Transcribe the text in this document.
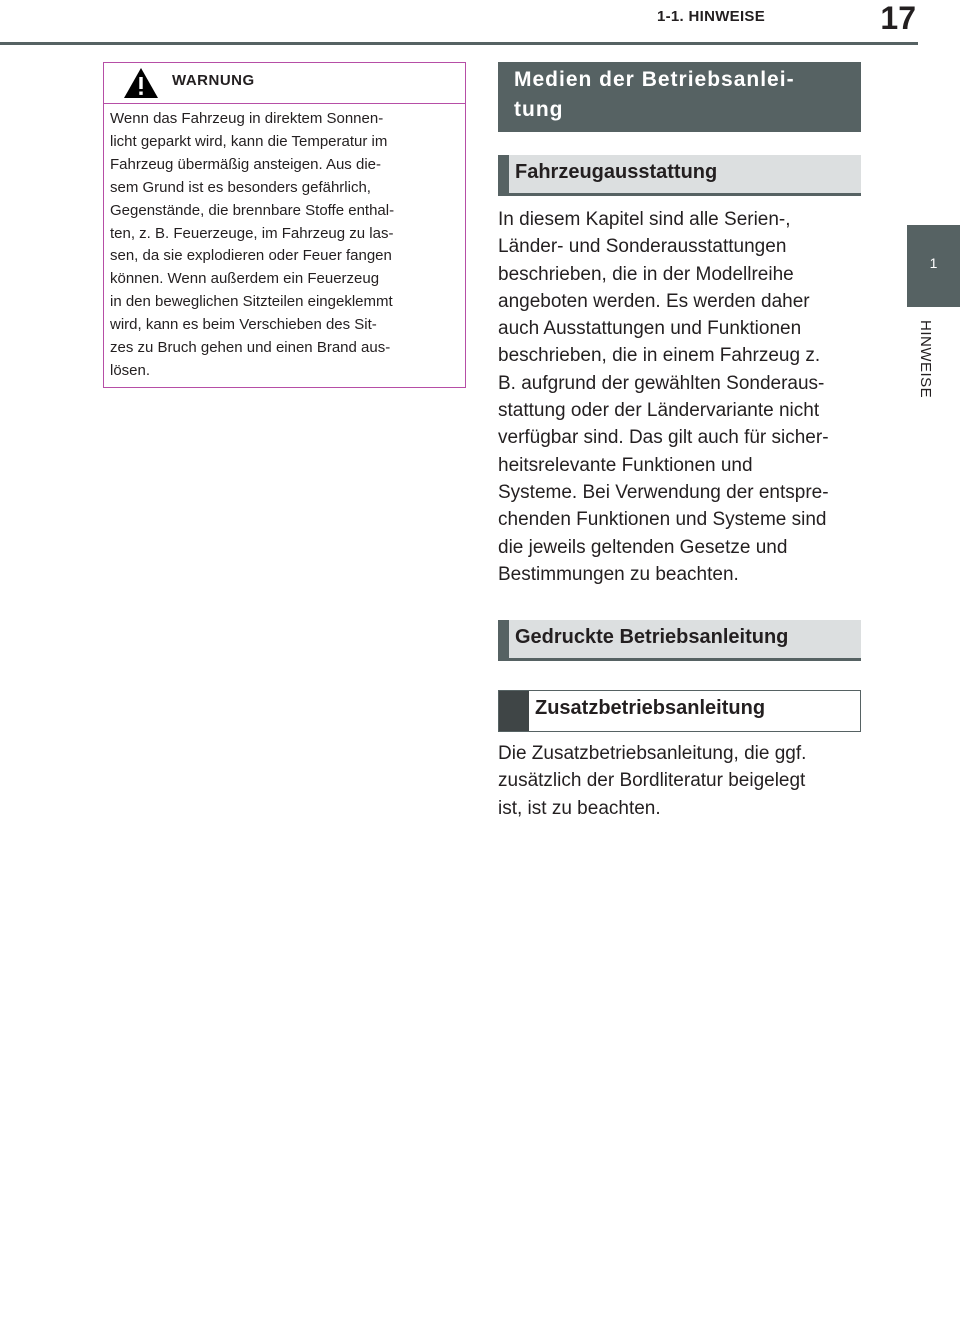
1-1. HINWEISE	17
1
HINWEISE
WARNUNG
Wenn das Fahrzeug in direktem Sonnen-
licht geparkt wird, kann die Temperatur im
Fahrzeug übermäßig ansteigen. Aus die-
sem Grund ist es besonders gefährlich,
Gegenstände, die brennbare Stoffe enthal-
ten, z. B. Feuerzeuge, im Fahrzeug zu las-
sen, da sie explodieren oder Feuer fangen
können. Wenn außerdem ein Feuerzeug
in den beweglichen Sitzteilen eingeklemmt
wird, kann es beim Verschieben des Sit-
zes zu Bruch gehen und einen Brand aus-
lösen.
Medien der Betriebsanlei-
tung
Fahrzeugausstattung
In diesem Kapitel sind alle Serien-,
Länder- und Sonderausstattungen
beschrieben, die in der Modellreihe
angeboten werden. Es werden daher
auch Ausstattungen und Funktionen
beschrieben, die in einem Fahrzeug z.
B. aufgrund der gewählten Sonderaus-
stattung oder der Ländervariante nicht
verfügbar sind. Das gilt auch für sicher-
heitsrelevante Funktionen und
Systeme. Bei Verwendung der entspre-
chenden Funktionen und Systeme sind
die jeweils geltenden Gesetze und
Bestimmungen zu beachten.
Gedruckte Betriebsanleitung
Zusatzbetriebsanleitung
Die Zusatzbetriebsanleitung, die ggf.
zusätzlich der Bordliteratur beigelegt
ist, ist zu beachten.
